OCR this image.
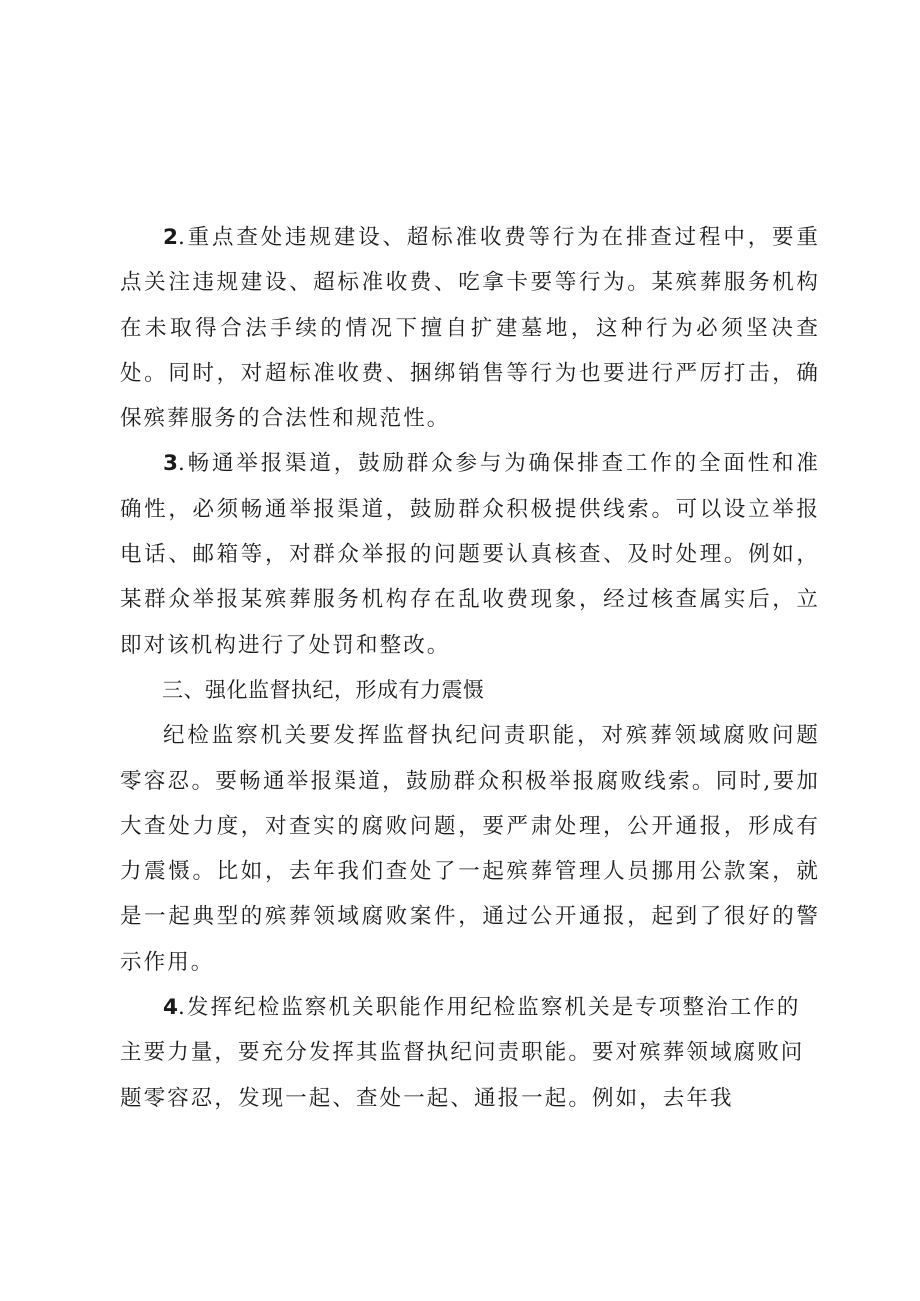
2.重点查处违规建设、超标准收费等行为在排查过程中，要重点关注违规建设、超标准收费、吃拿卡要等行为。某殡葬服务机构在未取得合法手续的情况下擅自扩建墓地，这种行为必须坚决查处。同时，对超标准收费、捆绑销售等行为也要进行严厉打击，确保殡葬服务的合法性和规范性。

3.畅通举报渠道，鼓励群众参与为确保排查工作的全面性和准确性，必须畅通举报渠道，鼓励群众积极提供线索。可以设立举报电话、邮箱等，对群众举报的问题要认真核查、及时处理。例如，某群众举报某殡葬服务机构存在乱收费现象，经过核查属实后，立即对该机构进行了处罚和整改。

三、强化监督执纪，形成有力震慑

纪检监察机关要发挥监督执纪问责职能，对殡葬领域腐败问题零容忍。要畅通举报渠道，鼓励群众积极举报腐败线索。同时,要加大查处力度，对查实的腐败问题，要严肃处理，公开通报，形成有力震慑。比如，去年我们查处了一起殡葬管理人员挪用公款案，就是一起典型的殡葬领域腐败案件，通过公开通报，起到了很好的警示作用。

4.发挥纪检监察机关职能作用纪检监察机关是专项整治工作的主要力量，要充分发挥其监督执纪问责职能。要对殡葬领域腐败问题零容忍，发现一起、查处一起、通报一起。例如，去年我
